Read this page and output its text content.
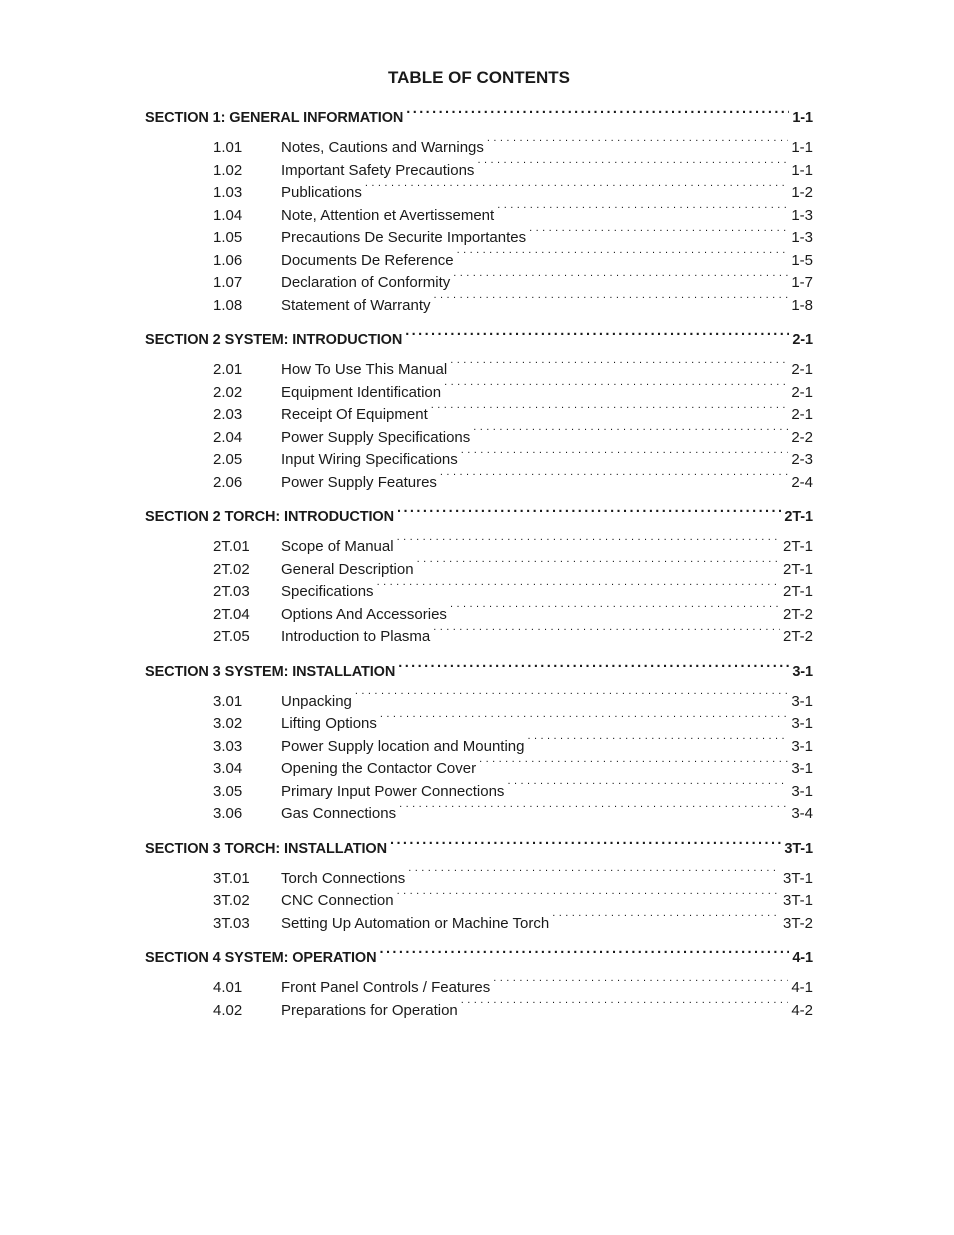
TABLE OF CONTENTS
SECTION 1: GENERAL INFORMATION . . .	1-1
1.01	Notes, Cautions and Warnings . . .	1-1
1.02	Important Safety Precautions . . .	1-1
1.03	Publications . . .	1-2
1.04	Note, Attention et Avertissement . . .	1-3
1.05	Precautions De Securite Importantes . . .	1-3
1.06	Documents De Reference . . .	1-5
1.07	Declaration of Conformity . . .	1-7
1.08	Statement of Warranty . . .	1-8
SECTION 2 SYSTEM: INTRODUCTION . . .	2-1
2.01	How To Use This Manual . . .	2-1
2.02	Equipment Identification . . .	2-1
2.03	Receipt Of Equipment . . .	2-1
2.04	Power Supply Specifications . . .	2-2
2.05	Input Wiring Specifications . . .	2-3
2.06	Power Supply Features . . .	2-4
SECTION 2 TORCH: INTRODUCTION . . .	2T-1
2T.01	Scope of Manual . . .	2T-1
2T.02	General Description . . .	2T-1
2T.03	Specifications . . .	2T-1
2T.04	Options And Accessories . . .	2T-2
2T.05	Introduction to Plasma . . .	2T-2
SECTION 3 SYSTEM: INSTALLATION . . .	3-1
3.01	Unpacking . . .	3-1
3.02	Lifting Options . . .	3-1
3.03	Power Supply location and Mounting . . .	3-1
3.04	Opening the Contactor Cover . . .	3-1
3.05	Primary Input Power Connections . . .	3-1
3.06	Gas Connections . . .	3-4
SECTION 3 TORCH: INSTALLATION . . .	3T-1
3T.01	Torch Connections . . .	3T-1
3T.02	CNC Connection . . .	3T-1
3T.03	Setting Up Automation or Machine Torch . . .	3T-2
SECTION 4 SYSTEM: OPERATION . . .	4-1
4.01	Front Panel Controls / Features . . .	4-1
4.02	Preparations for Operation . . .	4-2
